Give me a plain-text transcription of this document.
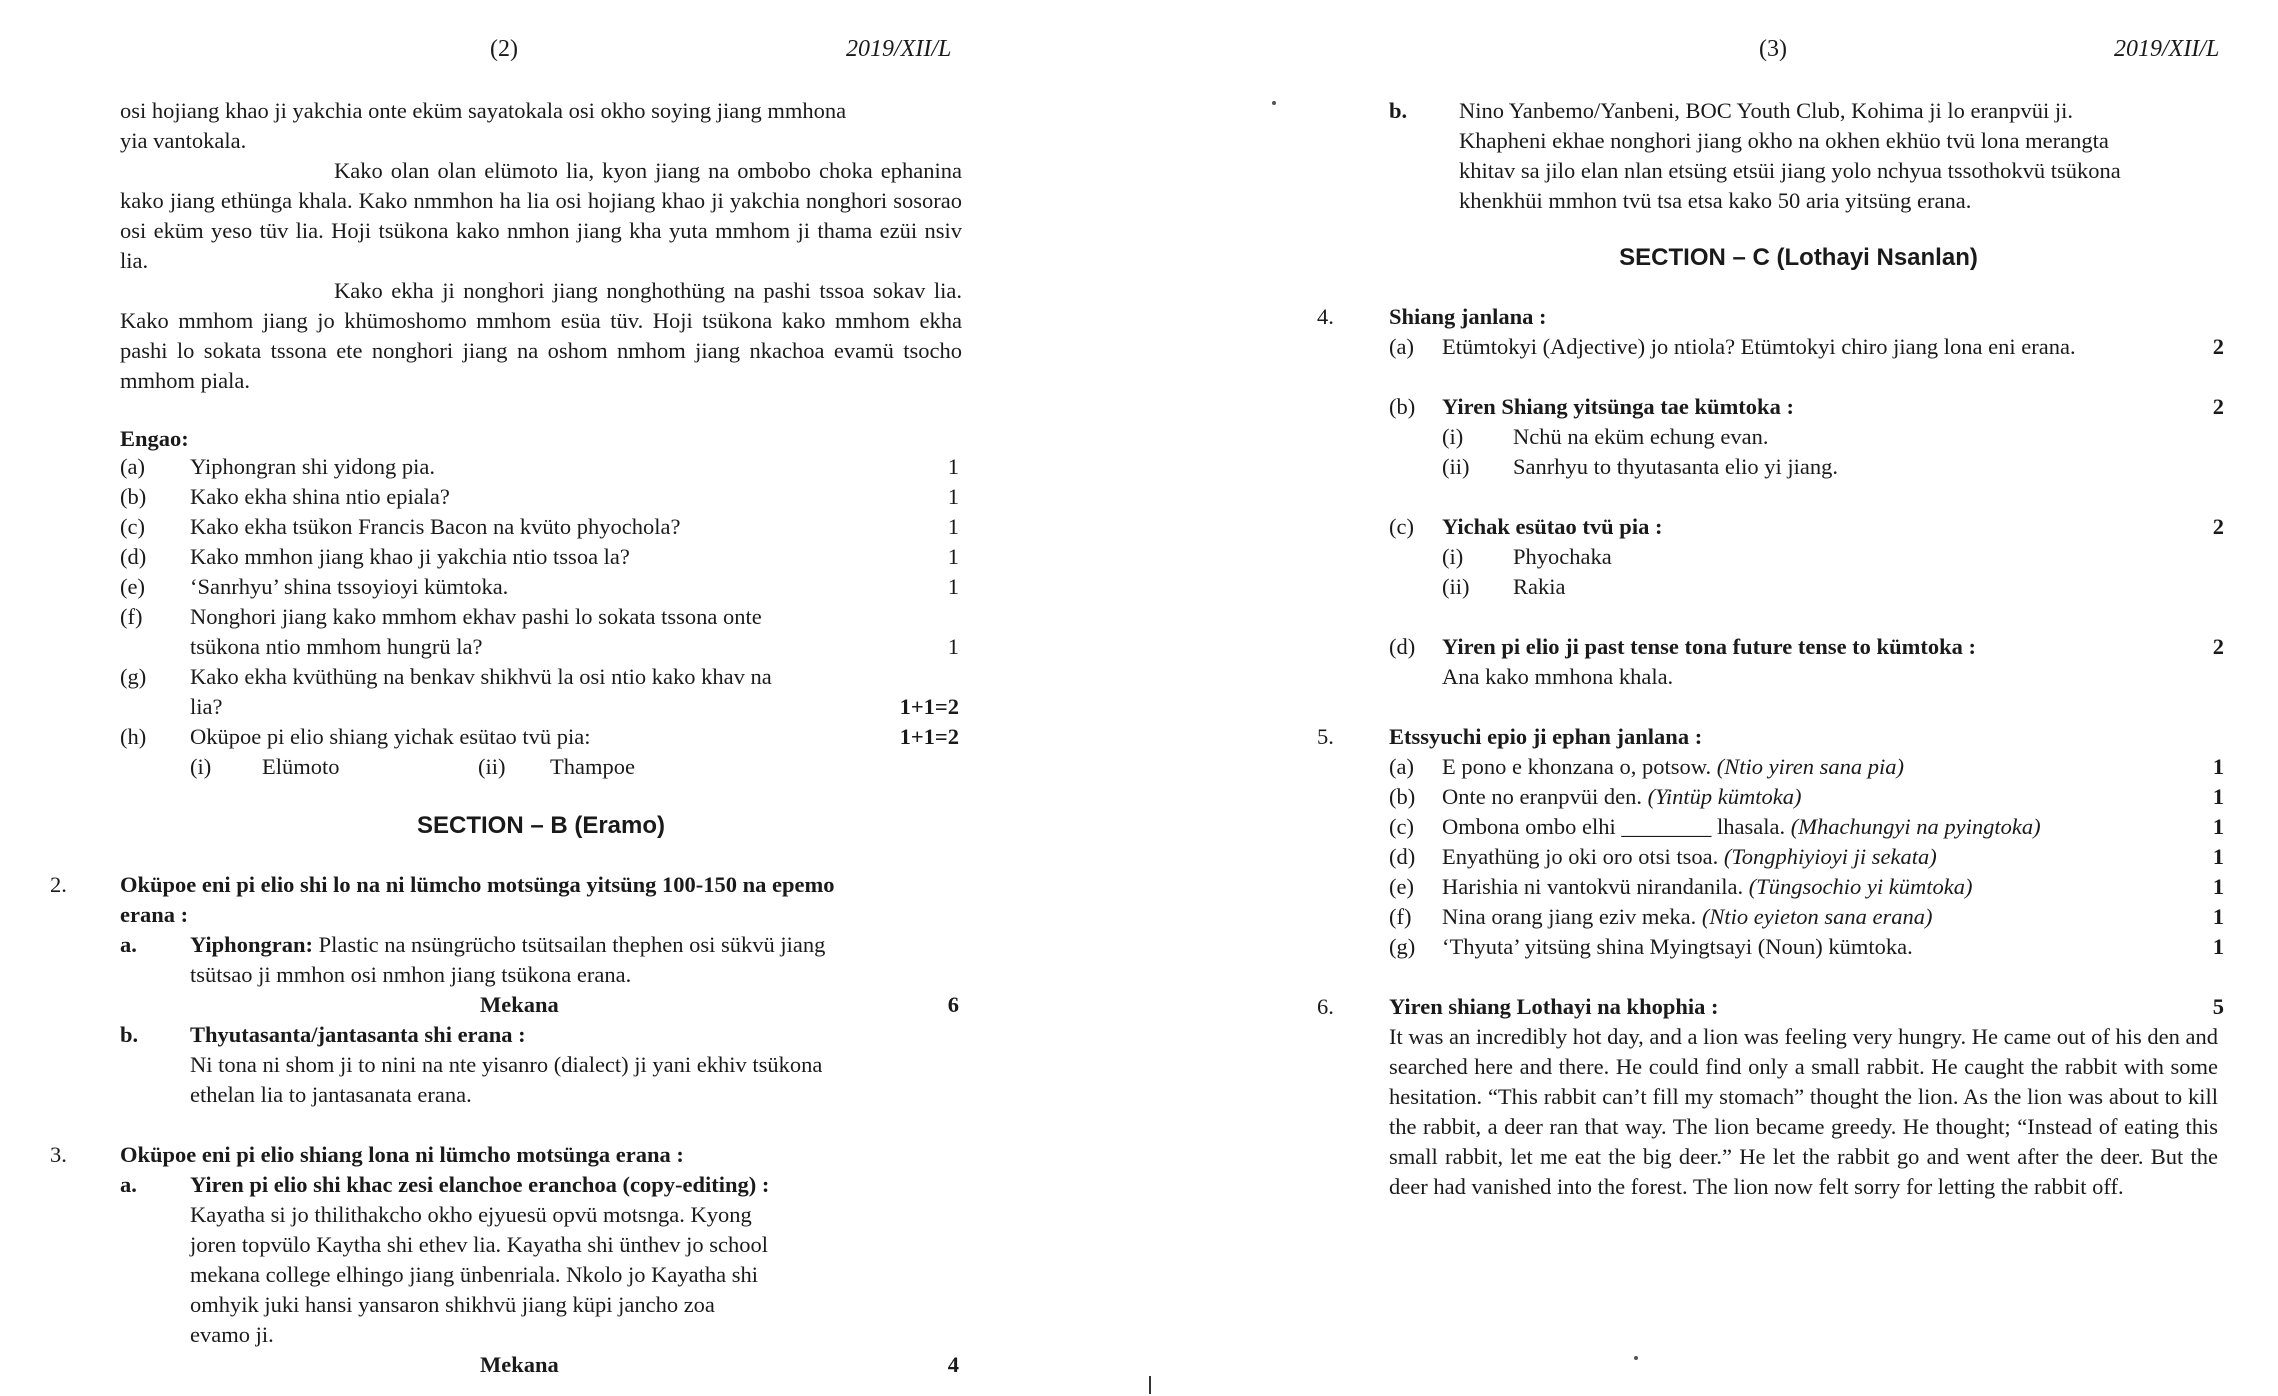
(2)	2019/XII/L
osi hojiang khao ji yakchia onte eküm sayatokala osi okho soying jiang mmhona
yia vantokala.

Kako olan olan elümoto lia, kyon jiang na ombobo choka ephanina kako jiang ethünga khala. Kako nmmhon ha lia osi hojiang khao ji yakchia nonghori sosorao osi eküm yeso tüv lia. Hoji tsükona kako nmhon jiang kha yuta mmhom ji thama ezüi nsiv lia.

Kako ekha ji nonghori jiang nonghothüng na pashi tssoa sokav lia. Kako mmhom jiang jo khümoshomo mmhom esüa tüv. Hoji tsükona kako mmhom ekha pashi lo sokata tssona ete nonghori jiang na oshom nmhom jiang nkachoa evamü tsocho mmhom piala.

Engao:
(a) Yiphongran shi yidong pia.	1
(b) Kako ekha shina ntio epiala?	1
(c) Kako ekha tsükon Francis Bacon na kvüto phyochola?	1
(d) Kako mmhon jiang khao ji yakchia ntio tssoa la?	1
(e) ‘Sanrhyu’ shina tssoyioyi kümtoka.	1
(f) Nonghori jiang kako mmhom ekhav pashi lo sokata tssona onte
tsükona ntio mmhom hungrü la?	1
(g) Kako ekha kvüthüng na benkav shikhvü la osi ntio kako khav na
lia?	1+1=2
(h) Oküpoe pi elio shiang yichak esütao tvü pia:	1+1=2
(i) Elümoto	(ii) Thampoe
SECTION – B (Eramo)
2. Oküpoe eni pi elio shi lo na ni lümcho motsünga yitsüng 100-150 na epemo
erana :
a. Yiphongran: Plastic na nsüngrücho tsütsailan thephen osi sükvü jiang
tsütsao ji mmhon osi nmhon jiang tsükona erana.
Mekana	6
b. Thyutasanta/jantasanta shi erana :
Ni tona ni shom ji to nini na nte yisanro (dialect) ji yani ekhiv tsükona
ethelan lia to jantasanata erana.
3. Oküpoe eni pi elio shiang lona ni lümcho motsünga erana :
a. Yiren pi elio shi khac zesi elanchoe eranchoa (copy-editing) :
Kayatha si jo thilithakcho okho ejyuesü opvü motsnga. Kyong
joren topvülo Kaytha shi ethev lia. Kayatha shi ünthev jo school
mekana college elhingo jiang ünbenriala. Nkolo jo Kayatha shi
omhyik juki hansi yansaron shikhvü jiang küpi jancho zoa
evamo ji.
Mekana	4
(3)	2019/XII/L
b. Nino Yanbemo/Yanbeni, BOC Youth Club, Kohima ji lo eranpvüi ji.
Khapheni ekhae nonghori jiang okho na okhen ekhüo tvü lona merangta
khitav sa jilo elan nlan etsüng etsüi jiang yolo nchyua tssothokvü tsükona
khenkhüi mmhon tvü tsa etsa kako 50 aria yitsüng erana.
SECTION – C (Lothayi Nsanlan)
4. Shiang janlana :
(a) Etümtokyi (Adjective) jo ntiola? Etümtokyi chiro jiang lona eni erana.	2
(b) Yiren Shiang yitsünga tae kümtoka :	2
(i) Nchü na eküm echung evan.
(ii) Sanrhyu to thyutasanta elio yi jiang.
(c) Yichak esütao tvü pia :	2
(i) Phyochaka
(ii) Rakia
(d) Yiren pi elio ji past tense tona future tense to kümtoka :	2
Ana kako mmhona khala.
5. Etssyuchi epio ji ephan janlana :
(a) E pono e khonzana o, potsow. (Ntio yiren sana pia)	1
(b) Onte no eranpvüi den. (Yintüp kümtoka)	1
(c) Ombona ombo elhi ________ lhasala. (Mhachungyi na pyingtoka)	1
(d) Enyathüng jo oki oro otsi tsoa. (Tongphiyioyi ji sekata)	1
(e) Harishia ni vantokvü nirandanila. (Tüngsochio yi kümtoka)	1
(f) Nina orang jiang eziv meka. (Ntio eyieton sana erana)	1
(g) ‘Thyuta’ yitsüng shina Myingtsayi (Noun) kümtoka.	1
6. Yiren shiang Lothayi na khophia :	5

It was an incredibly hot day, and a lion was feeling very hungry. He came out of his den and searched here and there. He could find only a small rabbit. He caught the rabbit with some hesitation. “This rabbit can’t fill my stomach” thought the lion. As the lion was about to kill the rabbit, a deer ran that way. The lion became greedy. He thought; “Instead of eating this small rabbit, let me eat the big deer.” He let the rabbit go and went after the deer. But the deer had vanished into the forest. The lion now felt sorry for letting the rabbit off.
